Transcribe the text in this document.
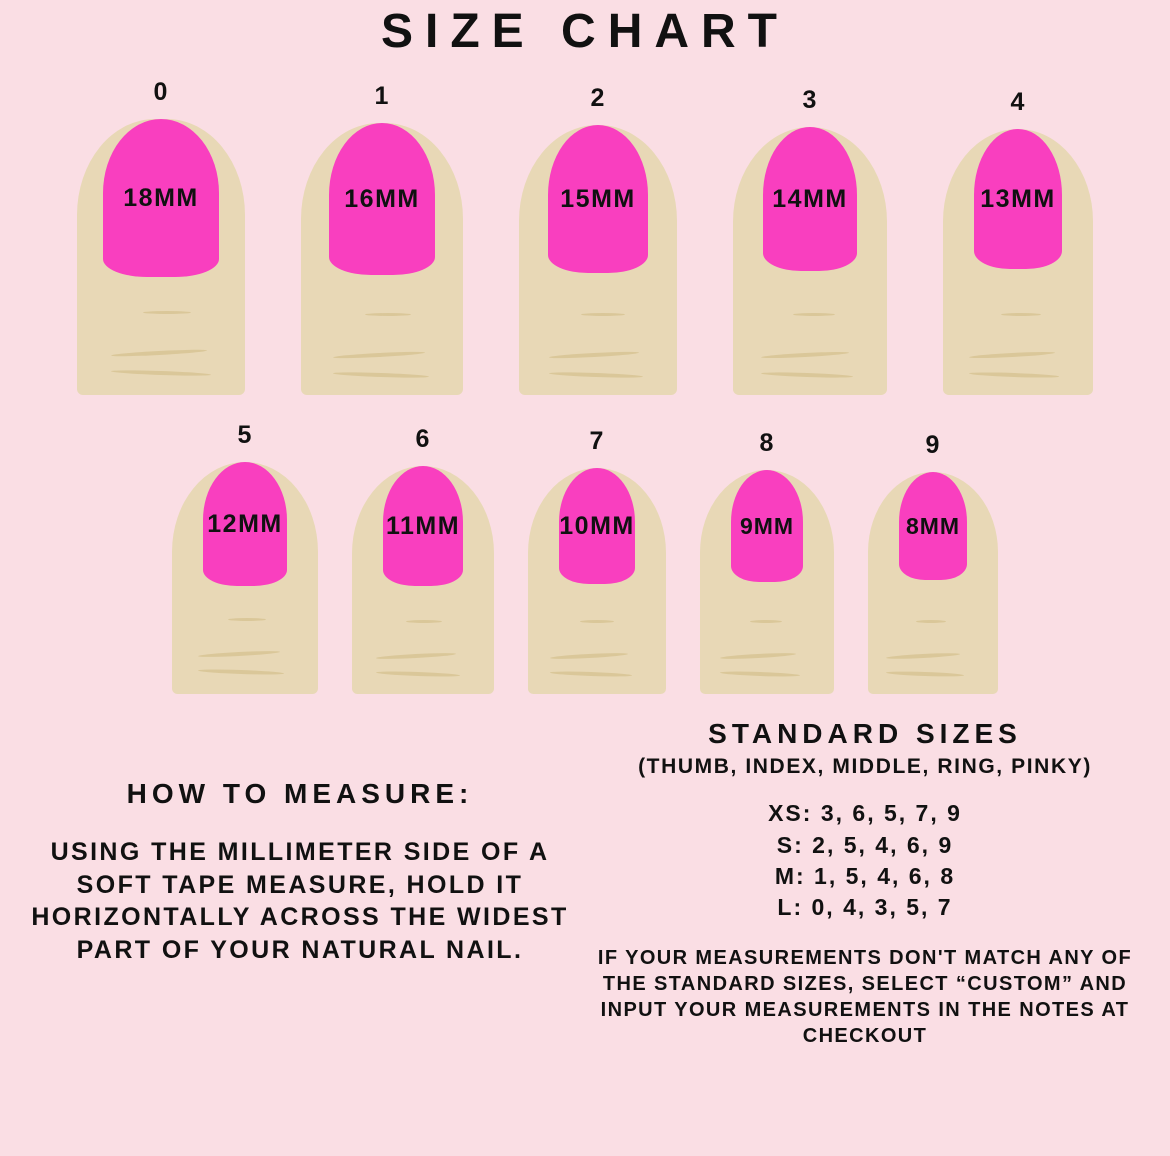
SIZE CHART
0
18MM
1
16MM
2
15MM
3
14MM
4
13MM
5
12MM
6
11MM
7
10MM
8
9MM
9
8MM
HOW TO MEASURE:

USING THE MILLIMETER SIDE OF A SOFT TAPE MEASURE, HOLD IT HORIZONTALLY ACROSS THE WIDEST PART OF YOUR NATURAL NAIL.

STANDARD SIZES
(THUMB, INDEX, MIDDLE, RING, PINKY)
XS: 3, 6, 5, 7, 9
S: 2, 5, 4, 6, 9
M: 1, 5, 4, 6, 8
L: 0, 4, 3, 5, 7

IF YOUR MEASUREMENTS DON'T MATCH ANY OF THE STANDARD SIZES, SELECT “CUSTOM” AND INPUT YOUR MEASUREMENTS IN THE NOTES AT CHECKOUT
